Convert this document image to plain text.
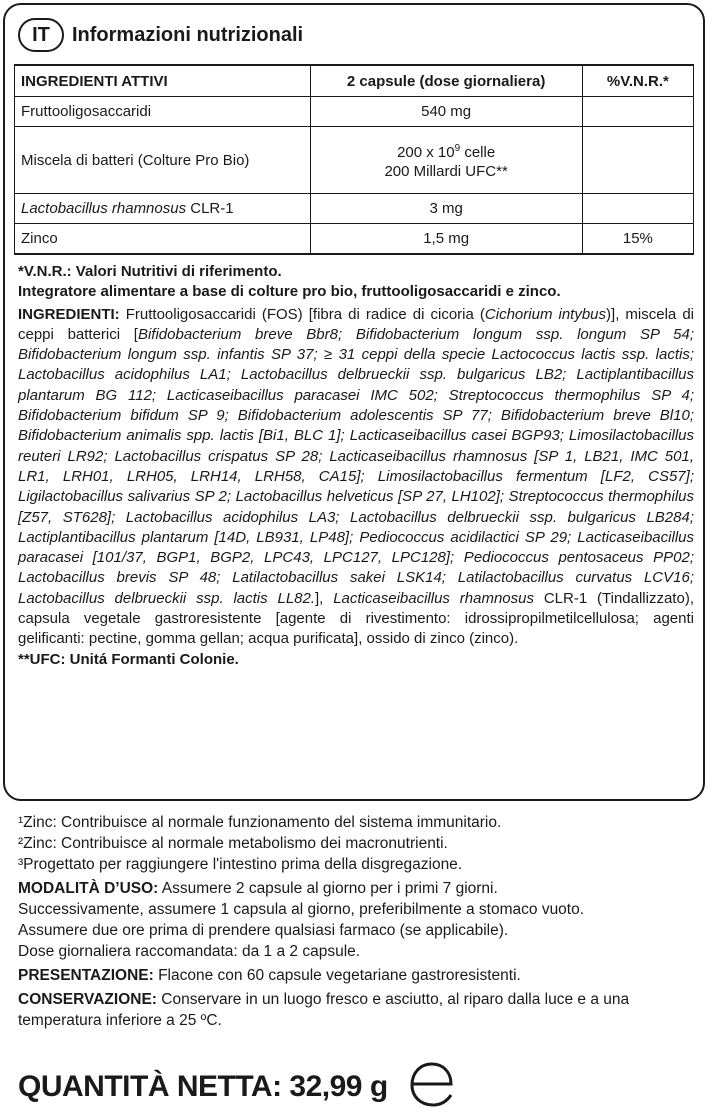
IT	Informazioni nutrizionali
INGREDIENTI ATTIVI	2 capsule (dose giornaliera)	%V.N.R.*
Fruttooligosaccaridi	540 mg	
Miscela di batteri (Colture Pro Bio)	200 x $10^9$ celle
200 Millardi UFC**	
Lactobacillus rhamnosus CLR-1	3 mg	
Zinco	1,5 mg	15%
*V.N.R.: Valori Nutritivi di riferimento.
Integratore alimentare a base di colture pro bio, fruttooligosaccaridi e zinco.
INGREDIENTI: Fruttooligosaccaridi (FOS) [fibra di radice di cicoria (Cichorium intybus)], miscela di ceppi batterici [Bifidobacterium breve Bbr8; Bifidobacterium longum ssp. longum SP 54; Bifidobacterium longum ssp. infantis SP 37; ≥ 31 ceppi della specie Lactococcus lactis ssp. lactis; Lactobacillus acidophilus LA1; Lactobacillus delbrueckii ssp. bulgaricus LB2; Lactiplantibacillus plantarum BG 112; Lacticaseibacillus paracasei IMC 502; Streptococcus thermophilus SP 4; Bifidobacterium bifidum SP 9; Bifidobacterium adolescentis SP 77; Bifidobacterium breve Bl10; Bifidobacterium animalis spp. lactis [Bi1, BLC 1]; Lacticaseibacillus casei BGP93; Limosilactobacillus reuteri LR92; Lactobacillus crispatus SP 28; Lacticaseibacillus rhamnosus [SP 1, LB21, IMC 501, LR1, LRH01, LRH05, LRH14, LRH58, CA15]; Limosilactobacillus fermentum [LF2, CS57]; Ligilactobacillus salivarius SP 2; Lactobacillus helveticus [SP 27, LH102]; Streptococcus thermophilus [Z57, ST628]; Lactobacillus acidophilus LA3; Lactobacillus delbrueckii ssp. bulgaricus LB284; Lactiplantibacillus plantarum [14D, LB931, LP48]; Pediococcus acidilactici SP 29; Lacticaseibacillus paracasei [101/37, BGP1, BGP2, LPC43, LPC127, LPC128]; Pediococcus pentosaceus PP02; Lactobacillus brevis SP 48; Latilactobacillus sakei LSK14; Latilactobacillus curvatus LCV16; Lactobacillus delbrueckii ssp. lactis LL82.], Lacticaseibacillus rhamnosus CLR-1 (Tindallizzato), capsula vegetale gastroresistente [agente di rivestimento: idrossipropilmetilcellulosa; agenti gelificanti: pectine, gomma gellan; acqua purificata], ossido di zinco (zinco).
**UFC: Unitá Formanti Colonie.

¹Zinc: Contribuisce al normale funzionamento del sistema immunitario.

²Zinc: Contribuisce al normale metabolismo dei macronutrienti.

³Progettato per raggiungere l'intestino prima della disgregazione.

MODALITÀ D’USO: Assumere 2 capsule al giorno per i primi 7 giorni.

Successivamente, assumere 1 capsula al giorno, preferibilmente a stomaco vuoto.

Assumere due ore prima di prendere qualsiasi farmaco (se applicabile).

Dose giornaliera raccomandata: da 1 a 2 capsule.

PRESENTAZIONE: Flacone con 60 capsule vegetariane gastroresistenti.

CONSERVAZIONE: Conservare in un luogo fresco e asciutto, al riparo dalla luce e a una temperatura inferiore a 25 ºC.

QUANTITÀ NETTA: 32,99 g
